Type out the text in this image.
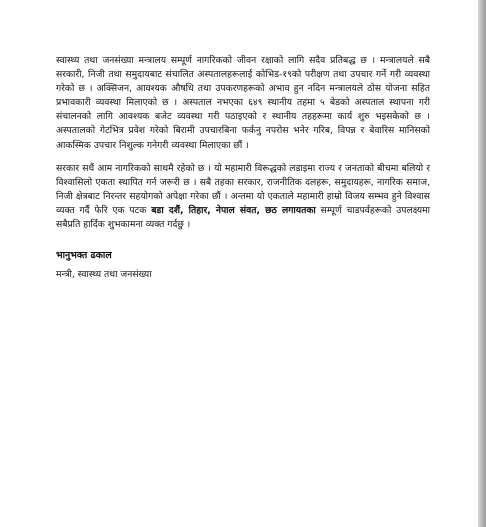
स्वास्थ्य तथा जनसंख्या मन्त्रालय सम्पूर्ण नागरिकको जीवन रक्षाको लागि सदैव प्रतिबद्ध छ । मन्त्रालयले सबै सरकारी, निजी तथा समुदायबाट संचालित अस्पतालहरूलाई कोभिड-१९को परीक्षण तथा उपचार गर्ने गरी व्यवस्था गरेको छ । अक्सिजन, आवश्यक औषधि तथा उपकरणहरूको अभाव हुन नदिन मन्त्रालयले ठोस योजना सहित प्रभावकारी व्यवस्था मिलाएको छ । अस्पताल नभएका ६४९ स्थानीय तहमा ५ बेडको अस्पताल स्थापना गरी संचालनको लागि आवश्यक बजेट व्यवस्था गरी पठाइएको र स्थानीय तहहरूमा कार्य शुरु भइसकेको छ । अस्पतालको गेटभित्र प्रवेश गरेको बिरामी उपचारबिना फर्कनु नपरोस भनेर गरिब, विपन्न र बेवारिस मानिसको आकस्मिक उपचार निशुल्क गनेगरी व्यवस्था मिलाएका छौं ।

सरकार सधैं आम नागरिकको साथमै रहेको छ । यो महामारी विरूद्धको लडाइमा राज्य र जनताको बीचमा बलियो र विश्वासिलो एकता स्थापित गर्न जरूरी छ । सबै तहका सरकार, राजनीतिक दलहरू, समुदायहरू, नागरिक समाज, निजी क्षेत्रबाट निरन्तर सहयोगको अपेक्षा गरेका छौं । अन्तमा यो एकताले महामारी हाम्रो विजय सम्भव हुने विश्वास व्यक्त गर्दै फेरि एक पटक बडा दशैं, तिहार, नेपाल संवत, छठ लगायतका सम्पूर्ण चाडपर्वहरूको उपलक्ष्यमा सबैप्रति हार्दिक शुभकामना व्यक्त गर्दछु ।

भानुभक्त ढकाल
मन्त्री, स्वास्थ्य तथा जनसंख्या
